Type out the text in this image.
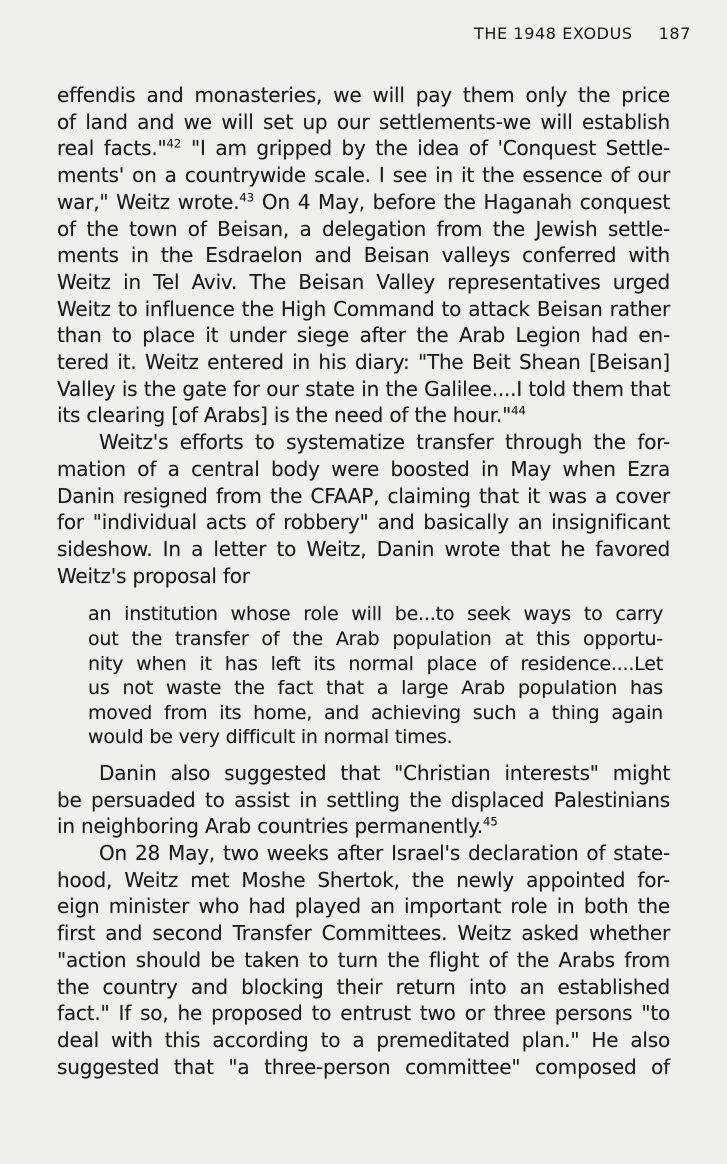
THE 1948 EXODUS 187
effendis and monasteries, we will pay them only the price
of land and we will set up our settlements-we will establish
real facts."$^{42}$ "I am gripped by the idea of 'Conquest Settle-
ments' on a countrywide scale. I see in it the essence of our
war," Weitz wrote.$^{43}$ On 4 May, before the Haganah conquest
of the town of Beisan, a delegation from the Jewish settle-
ments in the Esdraelon and Beisan valleys conferred with
Weitz in Tel Aviv. The Beisan Valley representatives urged
Weitz to influence the High Command to attack Beisan rather
than to place it under siege after the Arab Legion had en-
tered it. Weitz entered in his diary: "The Beit Shean [Beisan]
Valley is the gate for our state in the Galilee....I told them that
its clearing [of Arabs] is the need of the hour."$^{44}$
Weitz's efforts to systematize transfer through the for-
mation of a central body were boosted in May when Ezra
Danin resigned from the CFAAP, claiming that it was a cover
for "individual acts of robbery" and basically an insignificant
sideshow. In a letter to Weitz, Danin wrote that he favored
Weitz's proposal for
an institution whose role will be...to seek ways to carry
out the transfer of the Arab population at this opportu-
nity when it has left its normal place of residence....Let
us not waste the fact that a large Arab population has
moved from its home, and achieving such a thing again
would be very difficult in normal times.
Danin also suggested that "Christian interests" might
be persuaded to assist in settling the displaced Palestinians
in neighboring Arab countries permanently.$^{45}$
On 28 May, two weeks after Israel's declaration of state-
hood, Weitz met Moshe Shertok, the newly appointed for-
eign minister who had played an important role in both the
first and second Transfer Committees. Weitz asked whether
"action should be taken to turn the flight of the Arabs from
the country and blocking their return into an established
fact." If so, he proposed to entrust two or three persons "to
deal with this according to a premeditated plan." He also
suggested that "a three-person committee" composed of
